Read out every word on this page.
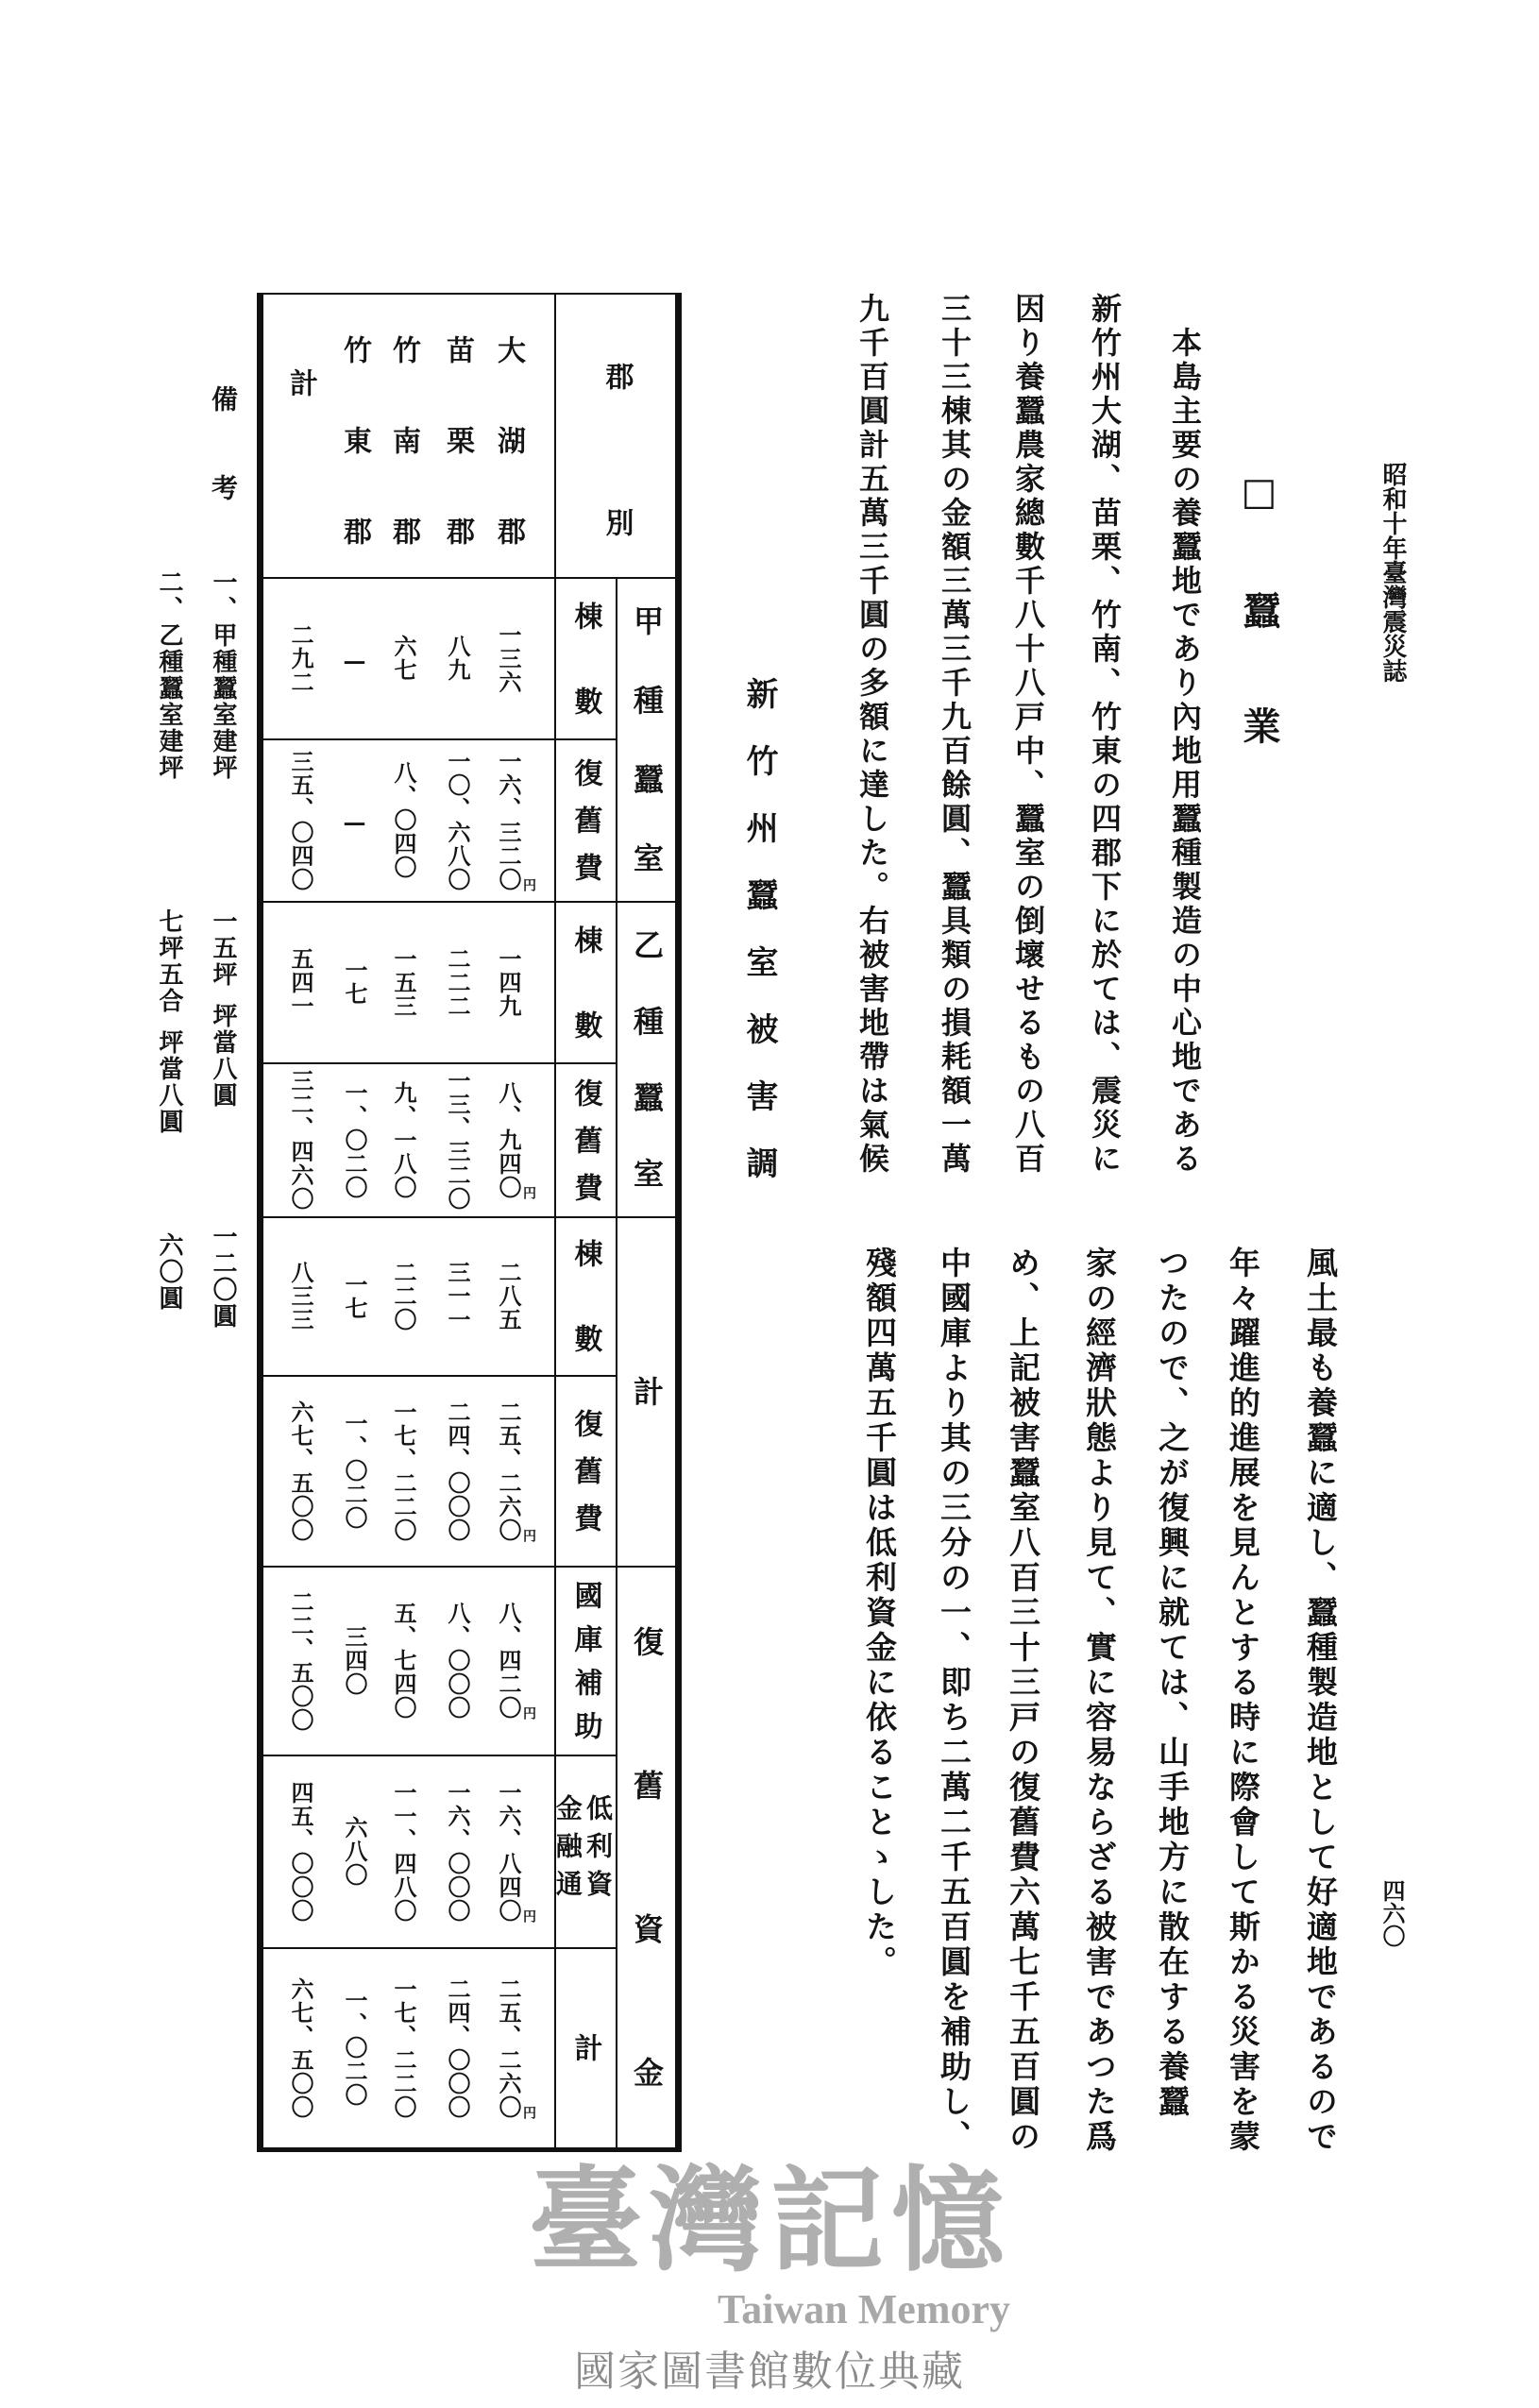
昭和十年臺灣震災誌
四六〇
□蠶業
本島主要の養蠶地であり內地用蠶種製造の中心地である
新竹州大湖、苗栗、竹南、竹東の四郡下に於ては、震災に
因り養蠶農家總數千八十八戸中、蠶室の倒壞せるもの八百
三十三棟其の金額三萬三千九百餘圓、蠶具類の損耗額一萬
九千百圓計五萬三千圓の多額に達した。右被害地帶は氣候
風土最も養蠶に適し、蠶種製造地として好適地であるので
年々躍進的進展を見んとする時に際會して斯かる災害を蒙
つたので、之が復興に就ては、山手地方に散在する養蠶
家の經濟狀態より見て、實に容易ならざる被害であつた爲
め、上記被害蠶室八百三十三戸の復舊費六萬七千五百圓の
中國庫より其の三分の一、即ち二萬二千五百圓を補助し、
殘額四萬五千圓は低利資金に依ることゝした。
新竹州蠶室被害調
郡別
大湖郡
苗栗郡
竹南郡
竹東郡
計
甲種蠶室
棟數
一三六
八九
六七
—
二九二
復舊費
一六、三二〇 円
一〇、六八〇
八、〇四〇
—
三五、〇四〇
乙種蠶室
棟數
一四九
二二二
一五三
一七
五四一
復舊費
八、九四〇 円
一三、三二〇
九、一八〇
一、〇二〇
三二、四六〇
計
棟數
二八五
三一一
二二〇
一七
八三三
復舊費
二五、二六〇 円
二四、〇〇〇
一七、二二〇
一、〇二〇
六七、五〇〇
復舊資金
國庫補助
八、四二〇 円
八、〇〇〇
五、七四〇
三四〇
二二、五〇〇
低利資金融通
一六、八四〇 円
一六、〇〇〇
一一、四八〇
六八〇
四五、〇〇〇
計
二五、二六〇 円
二四、〇〇〇
一七、二二〇
一、〇二〇
六七、五〇〇
備考
一、甲種蠶室建坪
一五坪
坪當八圓
一二〇圓
二、乙種蠶室建坪
七坪五合
坪當八圓
六〇圓
臺灣記憶
Taiwan Memory
國家圖書館數位典藏
